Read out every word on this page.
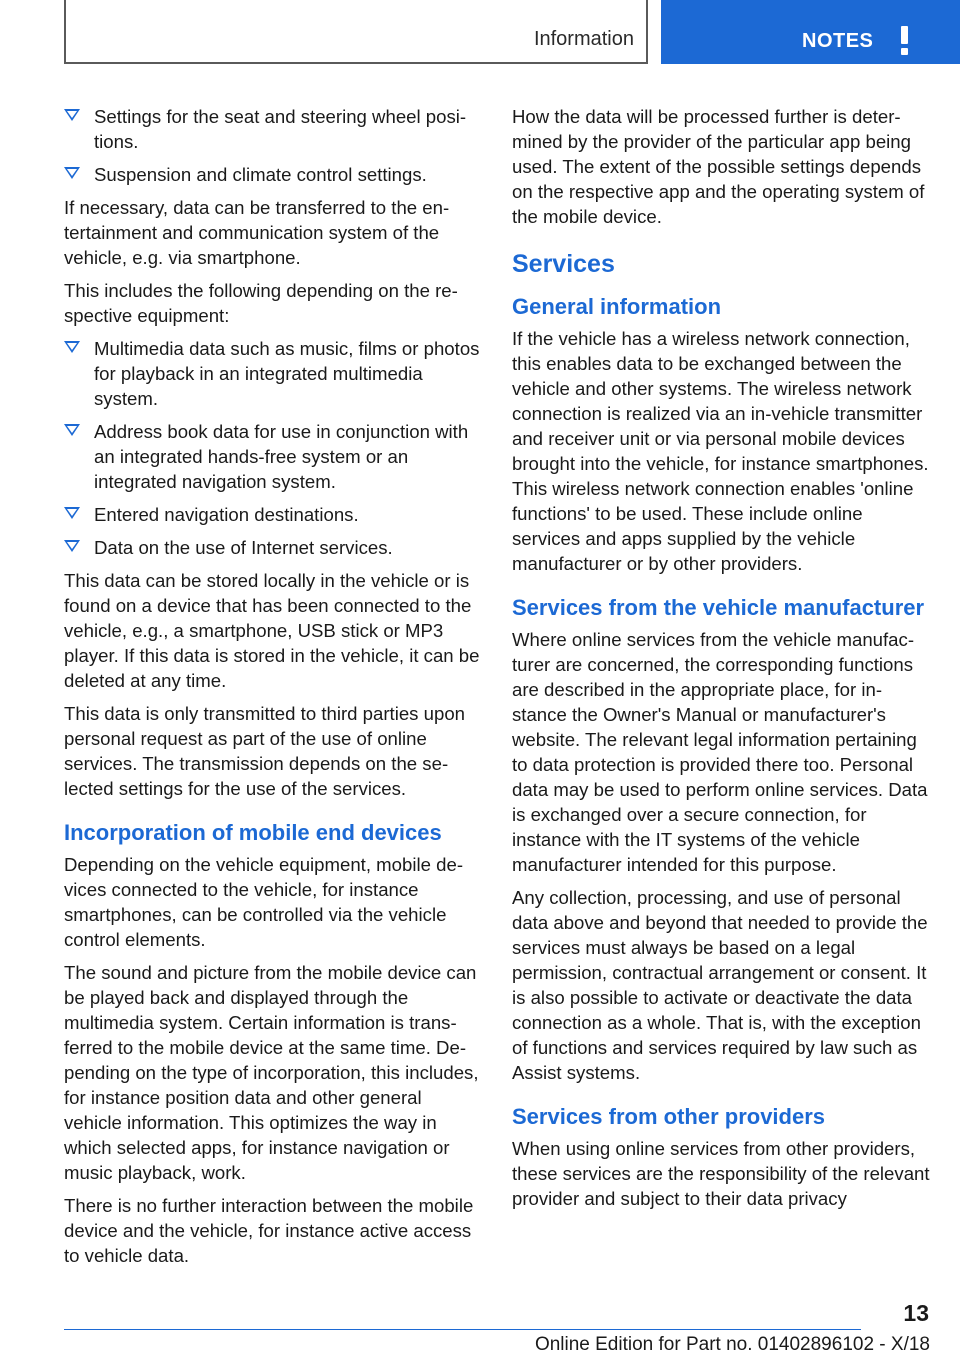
Information	NOTES
Settings for the seat and steering wheel positions.
Suspension and climate control settings.

If necessary, data can be transferred to the entertainment and communication system of the vehicle, e.g. via smartphone.

This includes the following depending on the respective equipment:

Multimedia data such as music, films or photos for playback in an integrated multimedia system.
Address book data for use in conjunction with an integrated hands-free system or an integrated navigation system.
Entered navigation destinations.
Data on the use of Internet services.

This data can be stored locally in the vehicle or is found on a device that has been connected to the vehicle, e.g., a smartphone, USB stick or MP3 player. If this data is stored in the vehicle, it can be deleted at any time.

This data is only transmitted to third parties upon personal request as part of the use of online services. The transmission depends on the selected settings for the use of the services.

Incorporation of mobile end devices

Depending on the vehicle equipment, mobile devices connected to the vehicle, for instance smartphones, can be controlled via the vehicle control elements.

The sound and picture from the mobile device can be played back and displayed through the multimedia system. Certain information is transferred to the mobile device at the same time. Depending on the type of incorporation, this includes, for instance position data and other general vehicle information. This optimizes the way in which selected apps, for instance navigation or music playback, work.

There is no further interaction between the mobile device and the vehicle, for instance active access to vehicle data.

How the data will be processed further is determined by the provider of the particular app being used. The extent of the possible settings depends on the respective app and the operating system of the mobile device.

Services
General information

If the vehicle has a wireless network connection, this enables data to be exchanged between the vehicle and other systems. The wireless network connection is realized via an in-vehicle transmitter and receiver unit or via personal mobile devices brought into the vehicle, for instance smartphones. This wireless network connection enables 'online functions' to be used. These include online services and apps supplied by the vehicle manufacturer or by other providers.

Services from the vehicle manufacturer

Where online services from the vehicle manufacturer are concerned, the corresponding functions are described in the appropriate place, for instance the Owner's Manual or manufacturer's website. The relevant legal information pertaining to data protection is provided there too. Personal data may be used to perform online services. Data is exchanged over a secure connection, for instance with the IT systems of the vehicle manufacturer intended for this purpose.

Any collection, processing, and use of personal data above and beyond that needed to provide the services must always be based on a legal permission, contractual arrangement or consent. It is also possible to activate or deactivate the data connection as a whole. That is, with the exception of functions and services required by law such as Assist systems.

Services from other providers

When using online services from other providers, these services are the responsibility of the relevant provider and subject to their data privacy

13
Online Edition for Part no. 01402896102 - X/18
